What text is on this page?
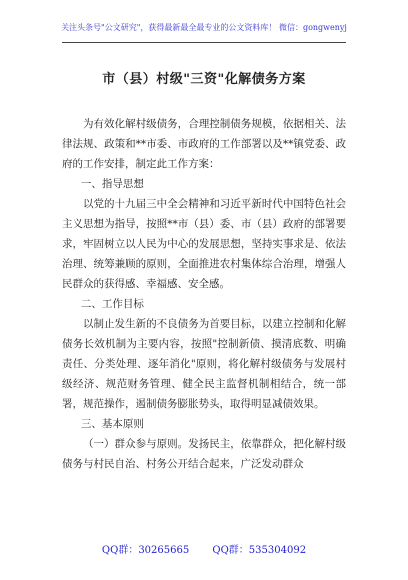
关注头条号"公文研究"，获得最新最全最专业的公文资料库！ 微信：gongwenyj
市（县）村级"三资"化解债务方案

为有效化解村级债务，合理控制债务规模，依据相关、法律法规、政策和**市委、市政府的工作部署以及**镇党委、政府的工作安排，制定此工作方案：

一、指导思想

以党的十九届三中全会精神和习近平新时代中国特色社会主义思想为指导，按照**市（县）委、市（县）政府的部署要求，牢固树立以人民为中心的发展思想，坚持实事求是、依法治理、统筹兼顾的原则，全面推进农村集体综合治理，增强人民群众的获得感、幸福感、安全感。

二、工作目标

以制止发生新的不良债务为首要目标，以建立控制和化解债务长效机制为主要内容，按照"控制新债、摸清底数、明确责任、分类处理、逐年消化"原则，将化解村级债务与发展村级经济、规范财务管理、健全民主监督机制相结合，统一部署，规范操作，遏制债务膨胀势头，取得明显减债效果。

三、基本原则

（一）群众参与原则。发扬民主，依靠群众，把化解村级债务与村民自治、村务公开结合起来，广泛发动群众

QQ群：30265665 QQ群：535304092
